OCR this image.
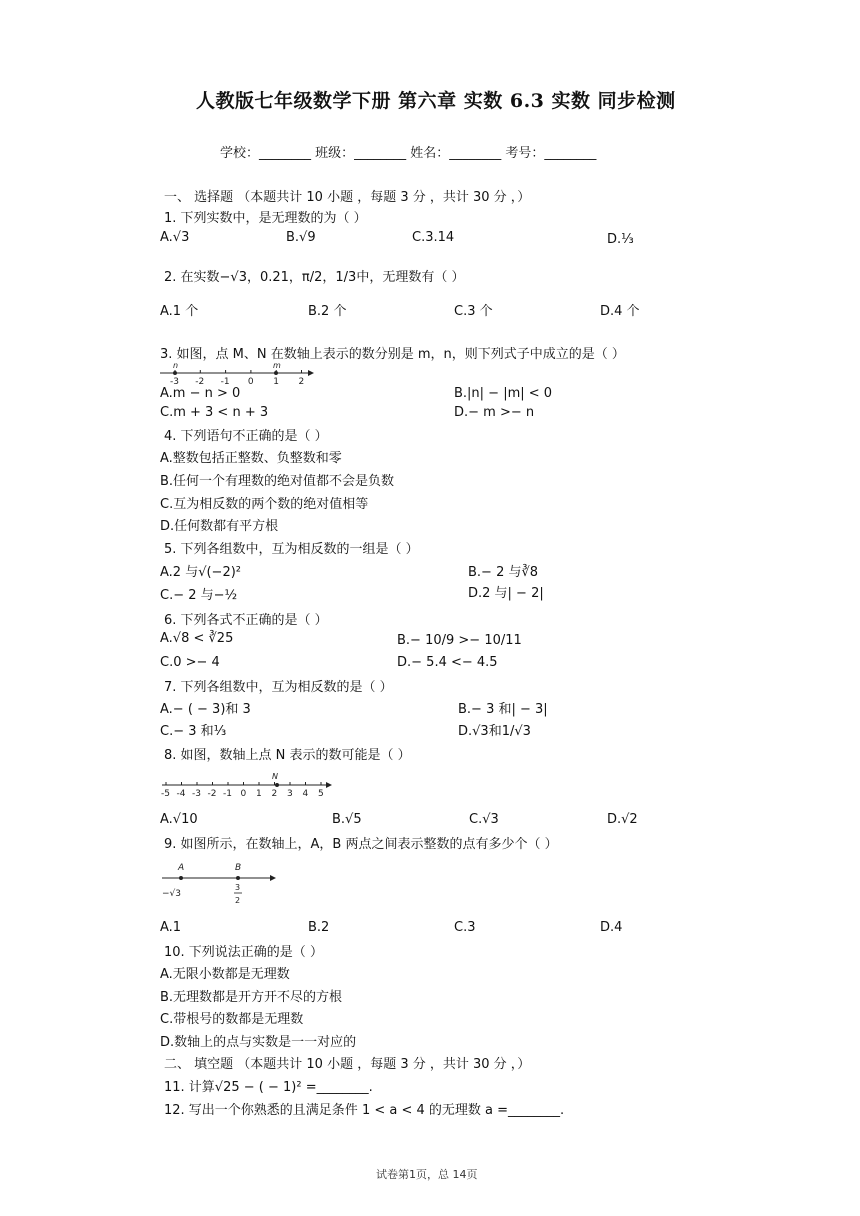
人教版七年级数学下册 第六章 实数 6.3 实数 同步检测
学校：________ 班级：________ 姓名：________ 考号：________
一、 选择题 （本题共计 10 小题 ，每题 3 分 ，共计 30 分 ，）
1. 下列实数中，是无理数的为（ ）
A.√3	B.√9	C.3.14	D.⅓
2. 在实数−√3，0.21，π/2，1/3中，无理数有（ ）
A.1 个	B.2 个	C.3 个	D.4 个
3. 如图，点 M、N 在数轴上表示的数分别是 m，n，则下列式子中成立的是（ ）
-3 -2 -1 0 1 2
n	m
A.m − n > 0	B.|n| − |m| < 0
C.m + 3 < n + 3	D.− m >− n
4. 下列语句不正确的是（ ）
A.整数包括正整数、负整数和零
B.任何一个有理数的绝对值都不会是负数
C.互为相反数的两个数的绝对值相等
D.任何数都有平方根
5. 下列各组数中，互为相反数的一组是（ ）
A.2 与√(−2)²	B.− 2 与∛8
C.− 2 与−½	D.2 与| − 2|
6. 下列各式不正确的是（ ）
A.√8 < ∛25	B.− 10/9 >− 10/11
C.0 >− 4	D.− 5.4 <− 4.5
7. 下列各组数中，互为相反数的是（ ）
A.− ( − 3)和 3	B.− 3 和| − 3|
C.− 3 和⅓	D.√3和1/√3
8. 如图，数轴上点 N 表示的数可能是（ ）
-5 -4 -3 -2 -1 0 1 2 3 4 5
N
A.√10	B.√5	C.√3	D.√2
9. 如图所示，在数轴上，A，B 两点之间表示整数的点有多少个（ ）
A	B
−√3
3
2
A.1	B.2	C.3	D.4
10. 下列说法正确的是（ ）
A.无限小数都是无理数
B.无理数都是开方开不尽的方根
C.带根号的数都是无理数
D.数轴上的点与实数是一一对应的
二、 填空题 （本题共计 10 小题 ，每题 3 分 ，共计 30 分 ，）
11. 计算√25 − ( − 1)² =________.
12. 写出一个你熟悉的且满足条件 1 < a < 4 的无理数 a =________.
试卷第1页，总 14页
